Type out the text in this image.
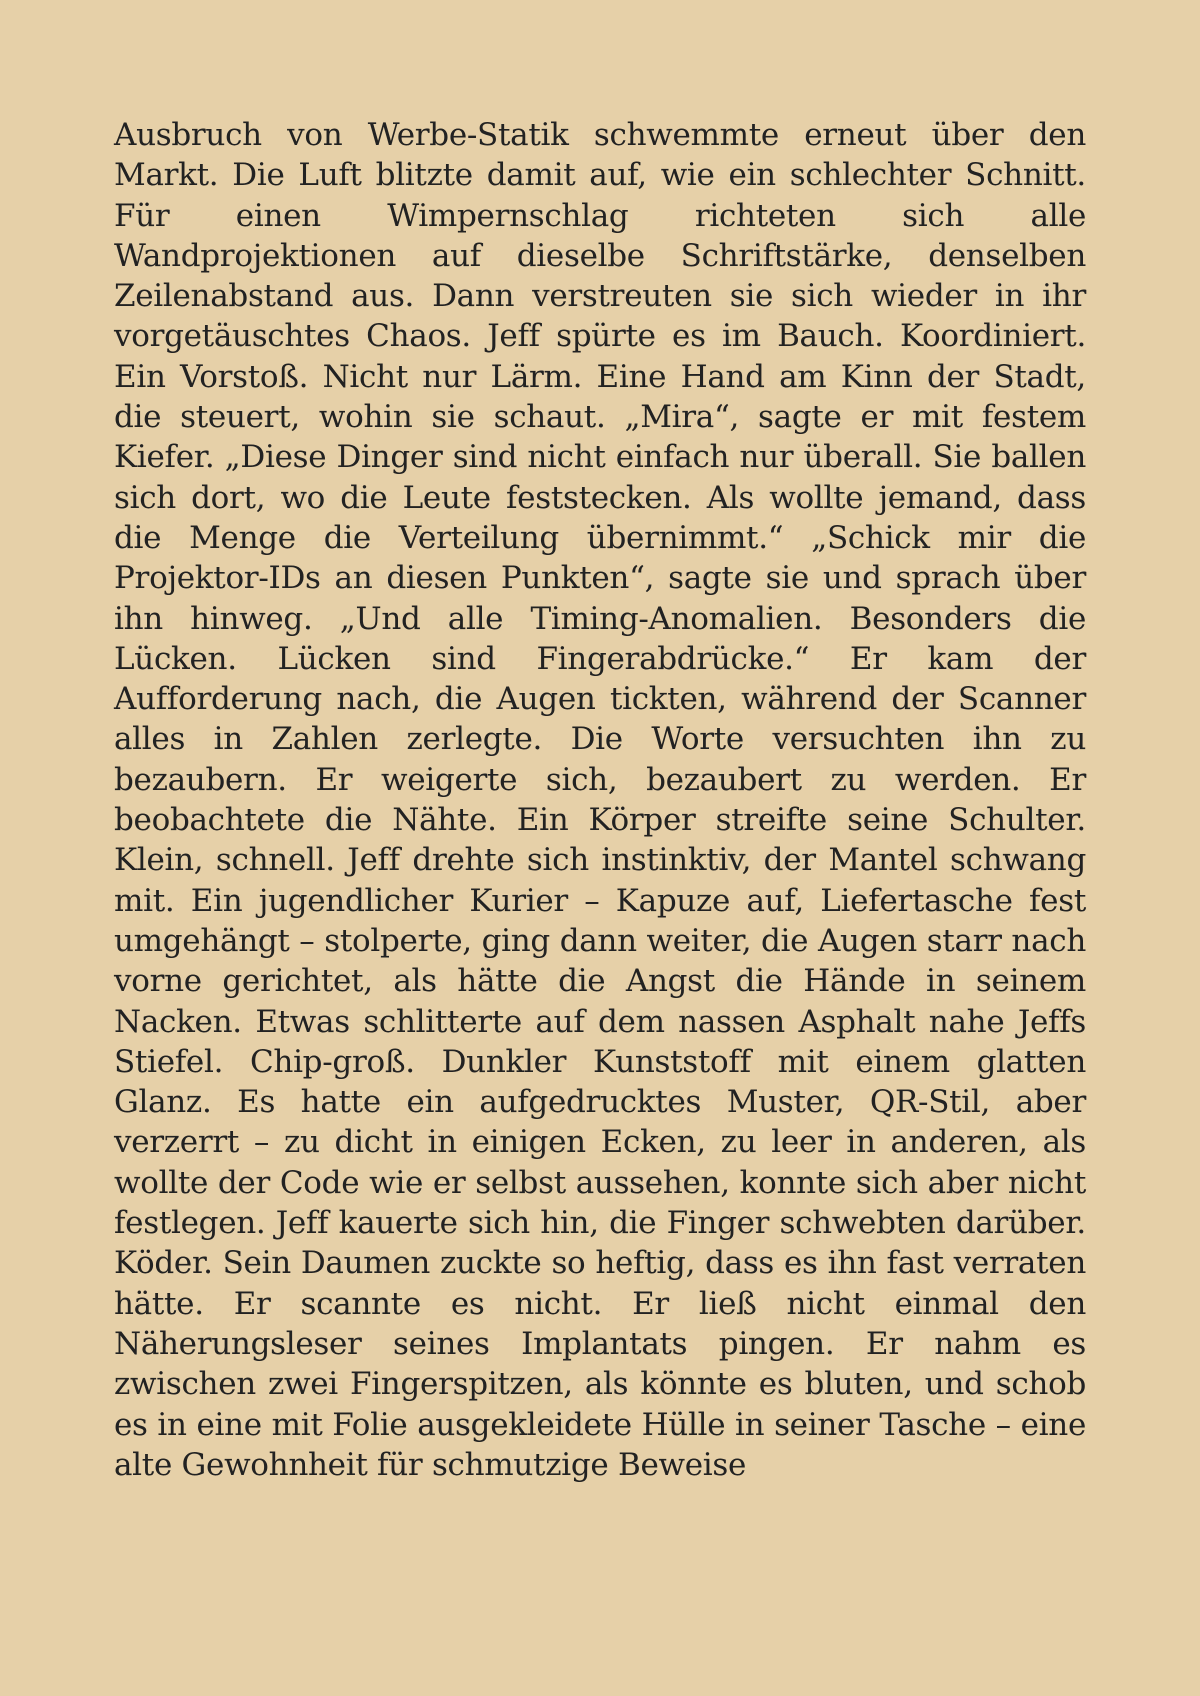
Ausbruch von Werbe-Statik schwemmte erneut über den Markt. Die Luft blitzte damit auf, wie ein schlechter Schnitt. Für einen Wimpernschlag richteten sich alle Wandprojektionen auf dieselbe Schriftstärke, denselben Zeilenabstand aus. Dann verstreuten sie sich wieder in ihr vorgetäuschtes Chaos. Jeff spürte es im Bauch. Koordiniert. Ein Vorstoß. Nicht nur Lärm. Eine Hand am Kinn der Stadt, die steuert, wohin sie schaut. „Mira“, sagte er mit festem Kiefer. „Diese Dinger sind nicht einfach nur überall. Sie ballen sich dort, wo die Leute feststecken. Als wollte jemand, dass die Menge die Verteilung übernimmt.“ „Schick mir die Projektor-IDs an diesen Punkten“, sagte sie und sprach über ihn hinweg. „Und alle Timing-Anomalien. Besonders die Lücken. Lücken sind Fingerabdrücke.“ Er kam der Aufforderung nach, die Augen tickten, während der Scanner alles in Zahlen zerlegte. Die Worte versuchten ihn zu bezaubern. Er weigerte sich, bezaubert zu werden. Er beobachtete die Nähte. Ein Körper streifte seine Schulter. Klein, schnell. Jeff drehte sich instinktiv, der Mantel schwang mit. Ein jugendlicher Kurier – Kapuze auf, Liefertasche fest umgehängt – stolperte, ging dann weiter, die Augen starr nach vorne gerichtet, als hätte die Angst die Hände in seinem Nacken. Etwas schlitterte auf dem nassen Asphalt nahe Jeffs Stiefel. Chip-groß. Dunkler Kunststoff mit einem glatten Glanz. Es hatte ein aufgedrucktes Muster, QR-Stil, aber verzerrt – zu dicht in einigen Ecken, zu leer in anderen, als wollte der Code wie er selbst aussehen, konnte sich aber nicht festlegen. Jeff kauerte sich hin, die Finger schwebten darüber. Köder. Sein Daumen zuckte so heftig, dass es ihn fast verraten hätte. Er scannte es nicht. Er ließ nicht einmal den Näherungsleser seines Implantats pingen. Er nahm es zwischen zwei Fingerspitzen, als könnte es bluten, und schob es in eine mit Folie ausgekleidete Hülle in seiner Tasche – eine alte Gewohnheit für schmutzige Beweise
